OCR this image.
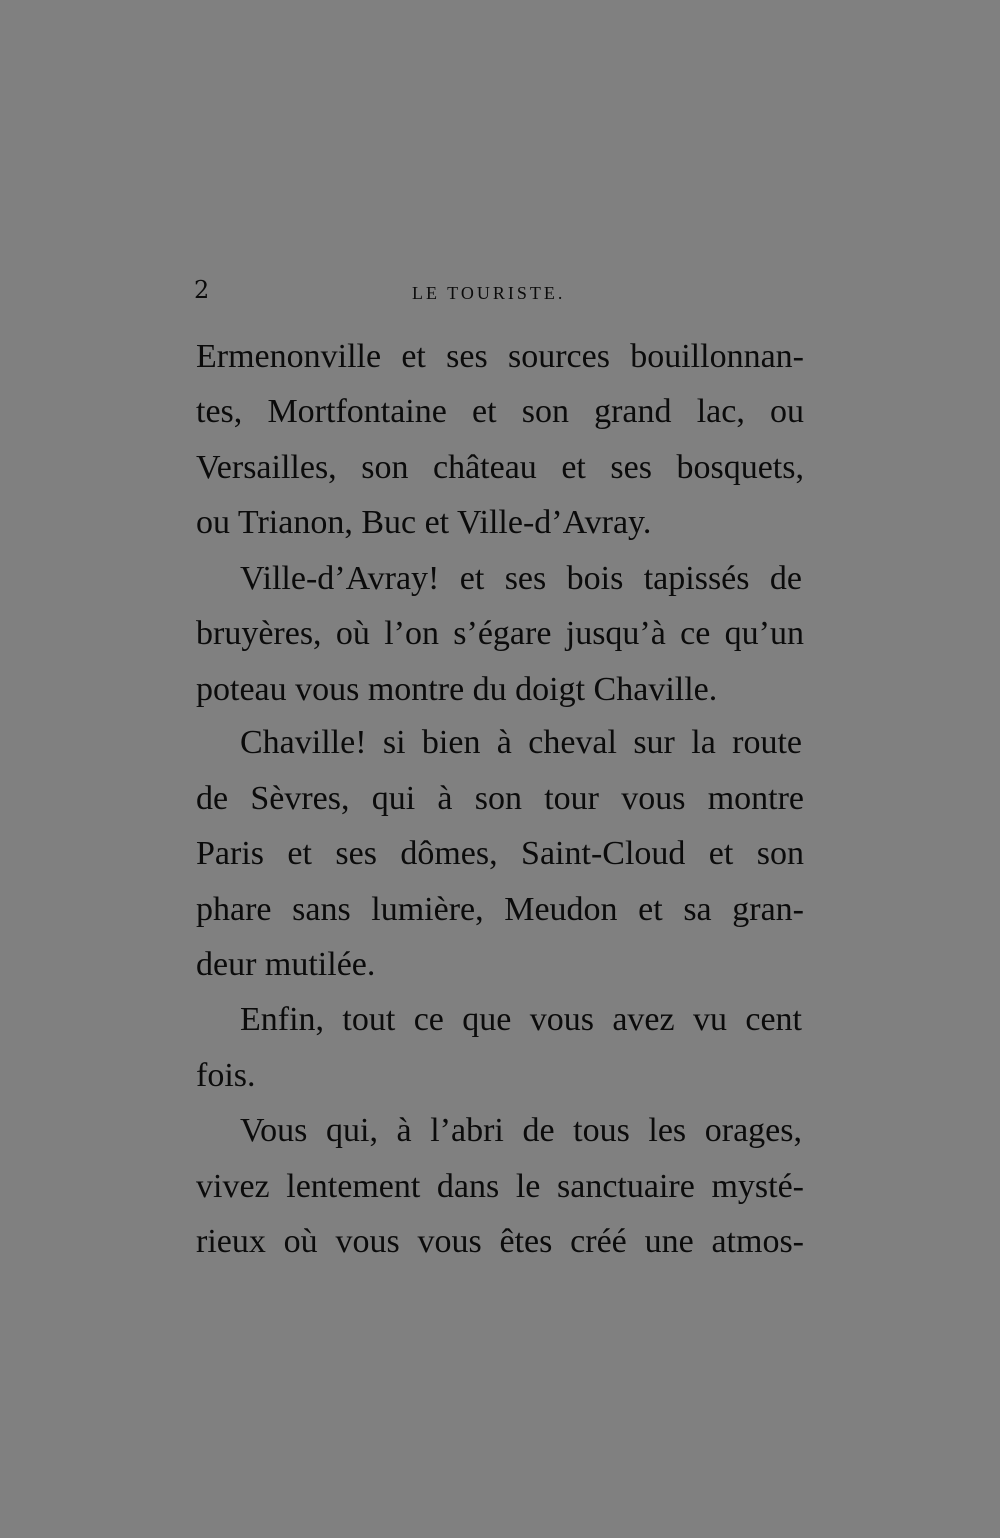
2	LE TOURISTE.
Ermenonville et ses sources bouillonnan-
tes, Mortfontaine et son grand lac, ou
Versailles, son château et ses bosquets,
ou Trianon, Buc et Ville-d’Avray.
Ville-d’Avray! et ses bois tapissés de
bruyères, où l’on s’égare jusqu’à ce qu’un
poteau vous montre du doigt Chaville.
Chaville! si bien à cheval sur la route
de Sèvres, qui à son tour vous montre
Paris et ses dômes, Saint-Cloud et son
phare sans lumière, Meudon et sa gran-
deur mutilée.
Enfin, tout ce que vous avez vu cent
fois.
Vous qui, à l’abri de tous les orages,
vivez lentement dans le sanctuaire mysté-
rieux où vous vous êtes créé une atmos-
